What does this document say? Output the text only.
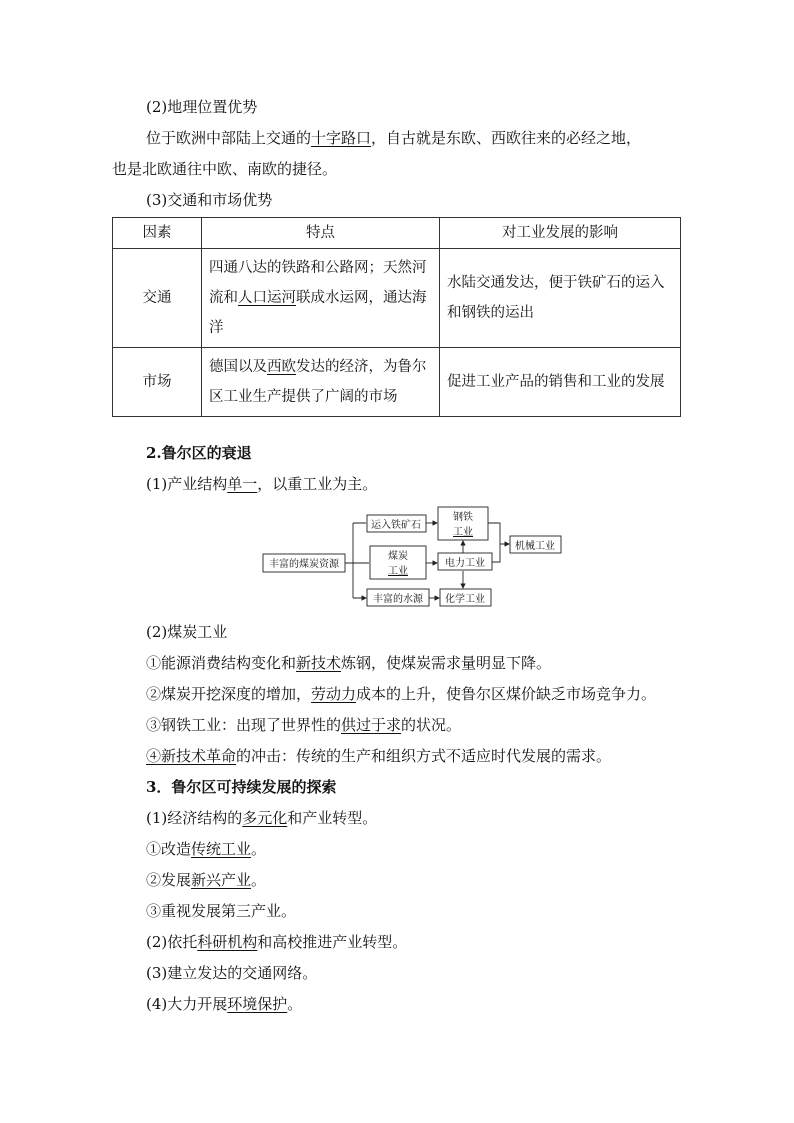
(2)地理位置优势
位于欧洲中部陆上交通的十字路口，自古就是东欧、西欧往来的必经之地，
也是北欧通往中欧、南欧的捷径。
(3)交通和市场优势
因素	特点	对工业发展的影响
交通	四通八达的铁路和公路网；天然河流和人口运河联成水运网，通达海洋	水陆交通发达，便于铁矿石的运入和钢铁的运出
市场	德国以及西欧发达的经济，为鲁尔区工业生产提供了广阔的市场	促进工业产品的销售和工业的发展
2.鲁尔区的衰退
(1)产业结构单一，以重工业为主。
丰富的煤炭资源
运入铁矿石
钢铁
工业
煤炭
工业
电力工业
丰富的水源 化学工业
机械工业
(2)煤炭工业
①能源消费结构变化和新技术炼钢，使煤炭需求量明显下降。
②煤炭开挖深度的增加，劳动力成本的上升，使鲁尔区煤价缺乏市场竞争力。
③钢铁工业：出现了世界性的供过于求的状况。
④新技术革命的冲击：传统的生产和组织方式不适应时代发展的需求。
3．鲁尔区可持续发展的探索
(1)经济结构的多元化和产业转型。
①改造传统工业。
②发展新兴产业。
③重视发展第三产业。
(2)依托科研机构和高校推进产业转型。
(3)建立发达的交通网络。
(4)大力开展环境保护。
